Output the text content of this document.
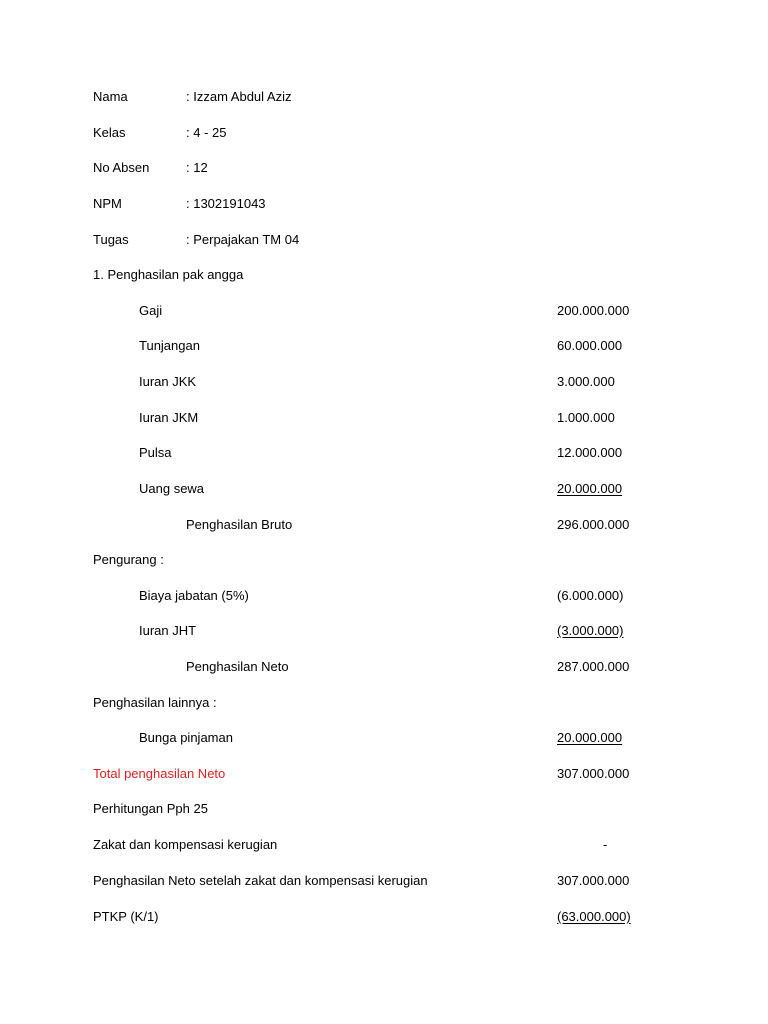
Nama	: Izzam Abdul Aziz
Kelas	: 4 - 25
No Absen	: 12
NPM	: 1302191043
Tugas	: Perpajakan TM 04
1. Penghasilan pak angga
Gaji	200.000.000
Tunjangan	60.000.000
Iuran JKK	3.000.000
Iuran JKM	1.000.000
Pulsa	12.000.000
Uang sewa	20.000.000
Penghasilan Bruto	296.000.000
Pengurang :
Biaya jabatan (5%)	(6.000.000)
Iuran JHT	(3.000.000)
Penghasilan Neto	287.000.000
Penghasilan lainnya :
Bunga pinjaman	20.000.000
Total penghasilan Neto	307.000.000
Perhitungan Pph 25
Zakat dan kompensasi kerugian	-
Penghasilan Neto setelah zakat dan kompensasi kerugian	307.000.000
PTKP (K/1)	(63.000.000)
